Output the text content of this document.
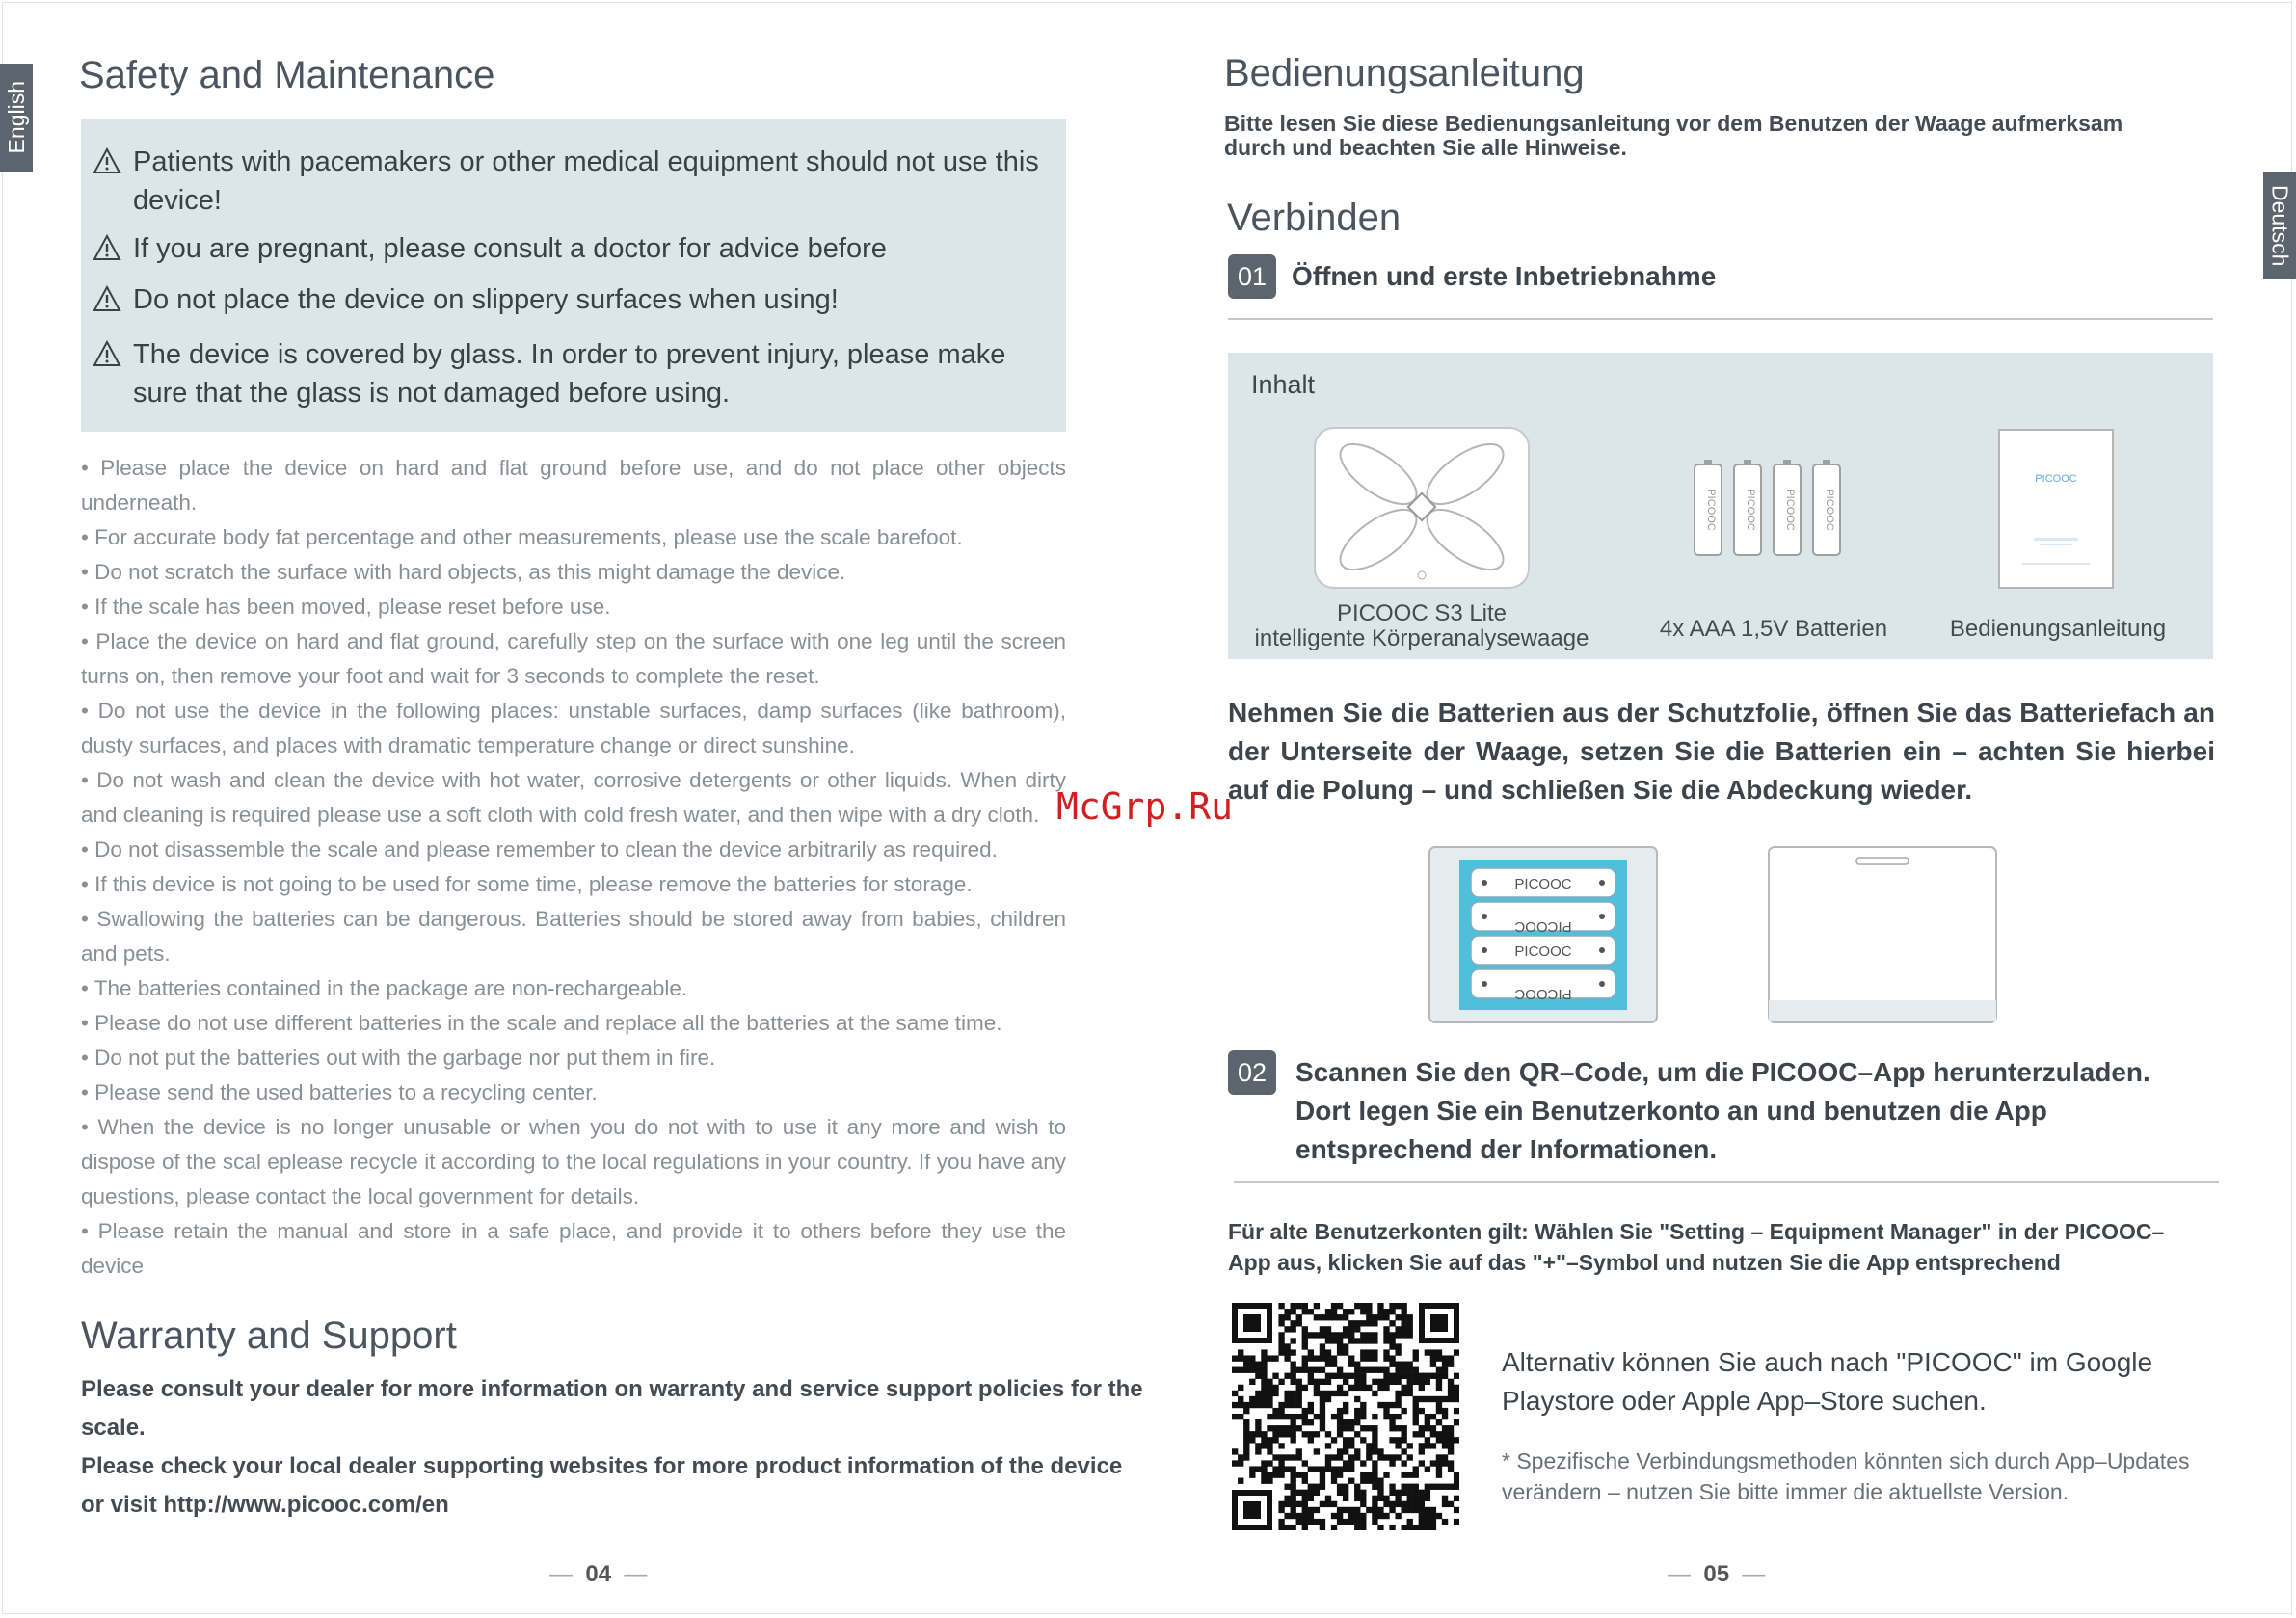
English
Deutsch
Safety and Maintenance
Patients with pacemakers or other medical equipment should not use this device!
If you are pregnant, please consult a doctor for advice before
Do not place the device on slippery surfaces when using!
The device is covered by glass. In order to prevent injury, please make sure that the glass is not damaged before using.

• Please place the device on hard and flat ground before use, and do not place other objects underneath.

• For accurate body fat percentage and other measurements, please use the scale barefoot.

• Do not scratch the surface with hard objects, as this might damage the device.

• If the scale has been moved, please reset before use.

• Place the device on hard and flat ground, carefully step on the surface with one leg until the screen turns on, then remove your foot and wait for 3 seconds to complete the reset.

• Do not use the device in the following places: unstable surfaces, damp surfaces (like bathroom), dusty surfaces, and places with dramatic temperature change or direct sunshine.

• Do not wash and clean the device with hot water, corrosive detergents or other liquids. When dirty and cleaning is required please use a soft cloth with cold fresh water, and then wipe with a dry cloth.

• Do not disassemble the scale and please remember to clean the device arbitrarily as required.

• If this device is not going to be used for some time, please remove the batteries for storage.

• Swallowing the batteries can be dangerous. Batteries should be stored away from babies, children and pets.

• The batteries contained in the package are non-rechargeable.

• Please do not use different batteries in the scale and replace all the batteries at the same time.

• Do not put the batteries out with the garbage nor put them in fire.

• Please send the used batteries to a recycling center.

• When the device is no longer unusable or when you do not with to use it any more and wish to dispose of the scal eplease recycle it according to the local regulations in your country. If you have any questions, please contact the local government for details.

• Please retain the manual and store in a safe place, and provide it to others before they use the device

Warranty and Support

Please consult your dealer for more information on warranty and service support policies for the scale.

Please check your local dealer supporting websites for more product information of the device or visit http://www.picooc.com/en

—  04  —
Bedienungsanleitung
Bitte lesen Sie diese Bedienungsanleitung vor dem Benutzen der Waage aufmerksam durch und beachten Sie alle Hinweise.
Verbinden
01 Öffnen und erste Inbetriebnahme
Inhalt
PICOOC S3 Lite
intelligente Körperanalysewaage
PICOOC	PICOOC	PICOOC	PICOOC
4x AAA 1,5V Batterien
PICOOC
Bedienungsanleitung
Nehmen Sie die Batterien aus der Schutzfolie, öffnen Sie das Batteriefach an der Unterseite der Waage, setzen Sie die Batterien ein – achten Sie hierbei auf die Polung – und schließen Sie die Abdeckung wieder.
PICOOC
PICOOC
PICOOC
PICOOC
02	Scannen Sie den QR–Code, um die PICOOC–App herunterzuladen. Dort legen Sie ein Benutzerkonto an und benutzen die App entsprechend der Informationen.
Für alte Benutzerkonten gilt: Wählen Sie "Setting – Equipment Manager" in der PICOOC–App aus, klicken Sie auf das "+"–Symbol und nutzen Sie die App entsprechend
Alternativ können Sie auch nach "PICOOC" im Google Playstore oder Apple App–Store suchen.
* Spezifische Verbindungsmethoden könnten sich durch App–Updates verändern – nutzen Sie bitte immer die aktuellste Version.
—  05  —
McGrp.Ru
